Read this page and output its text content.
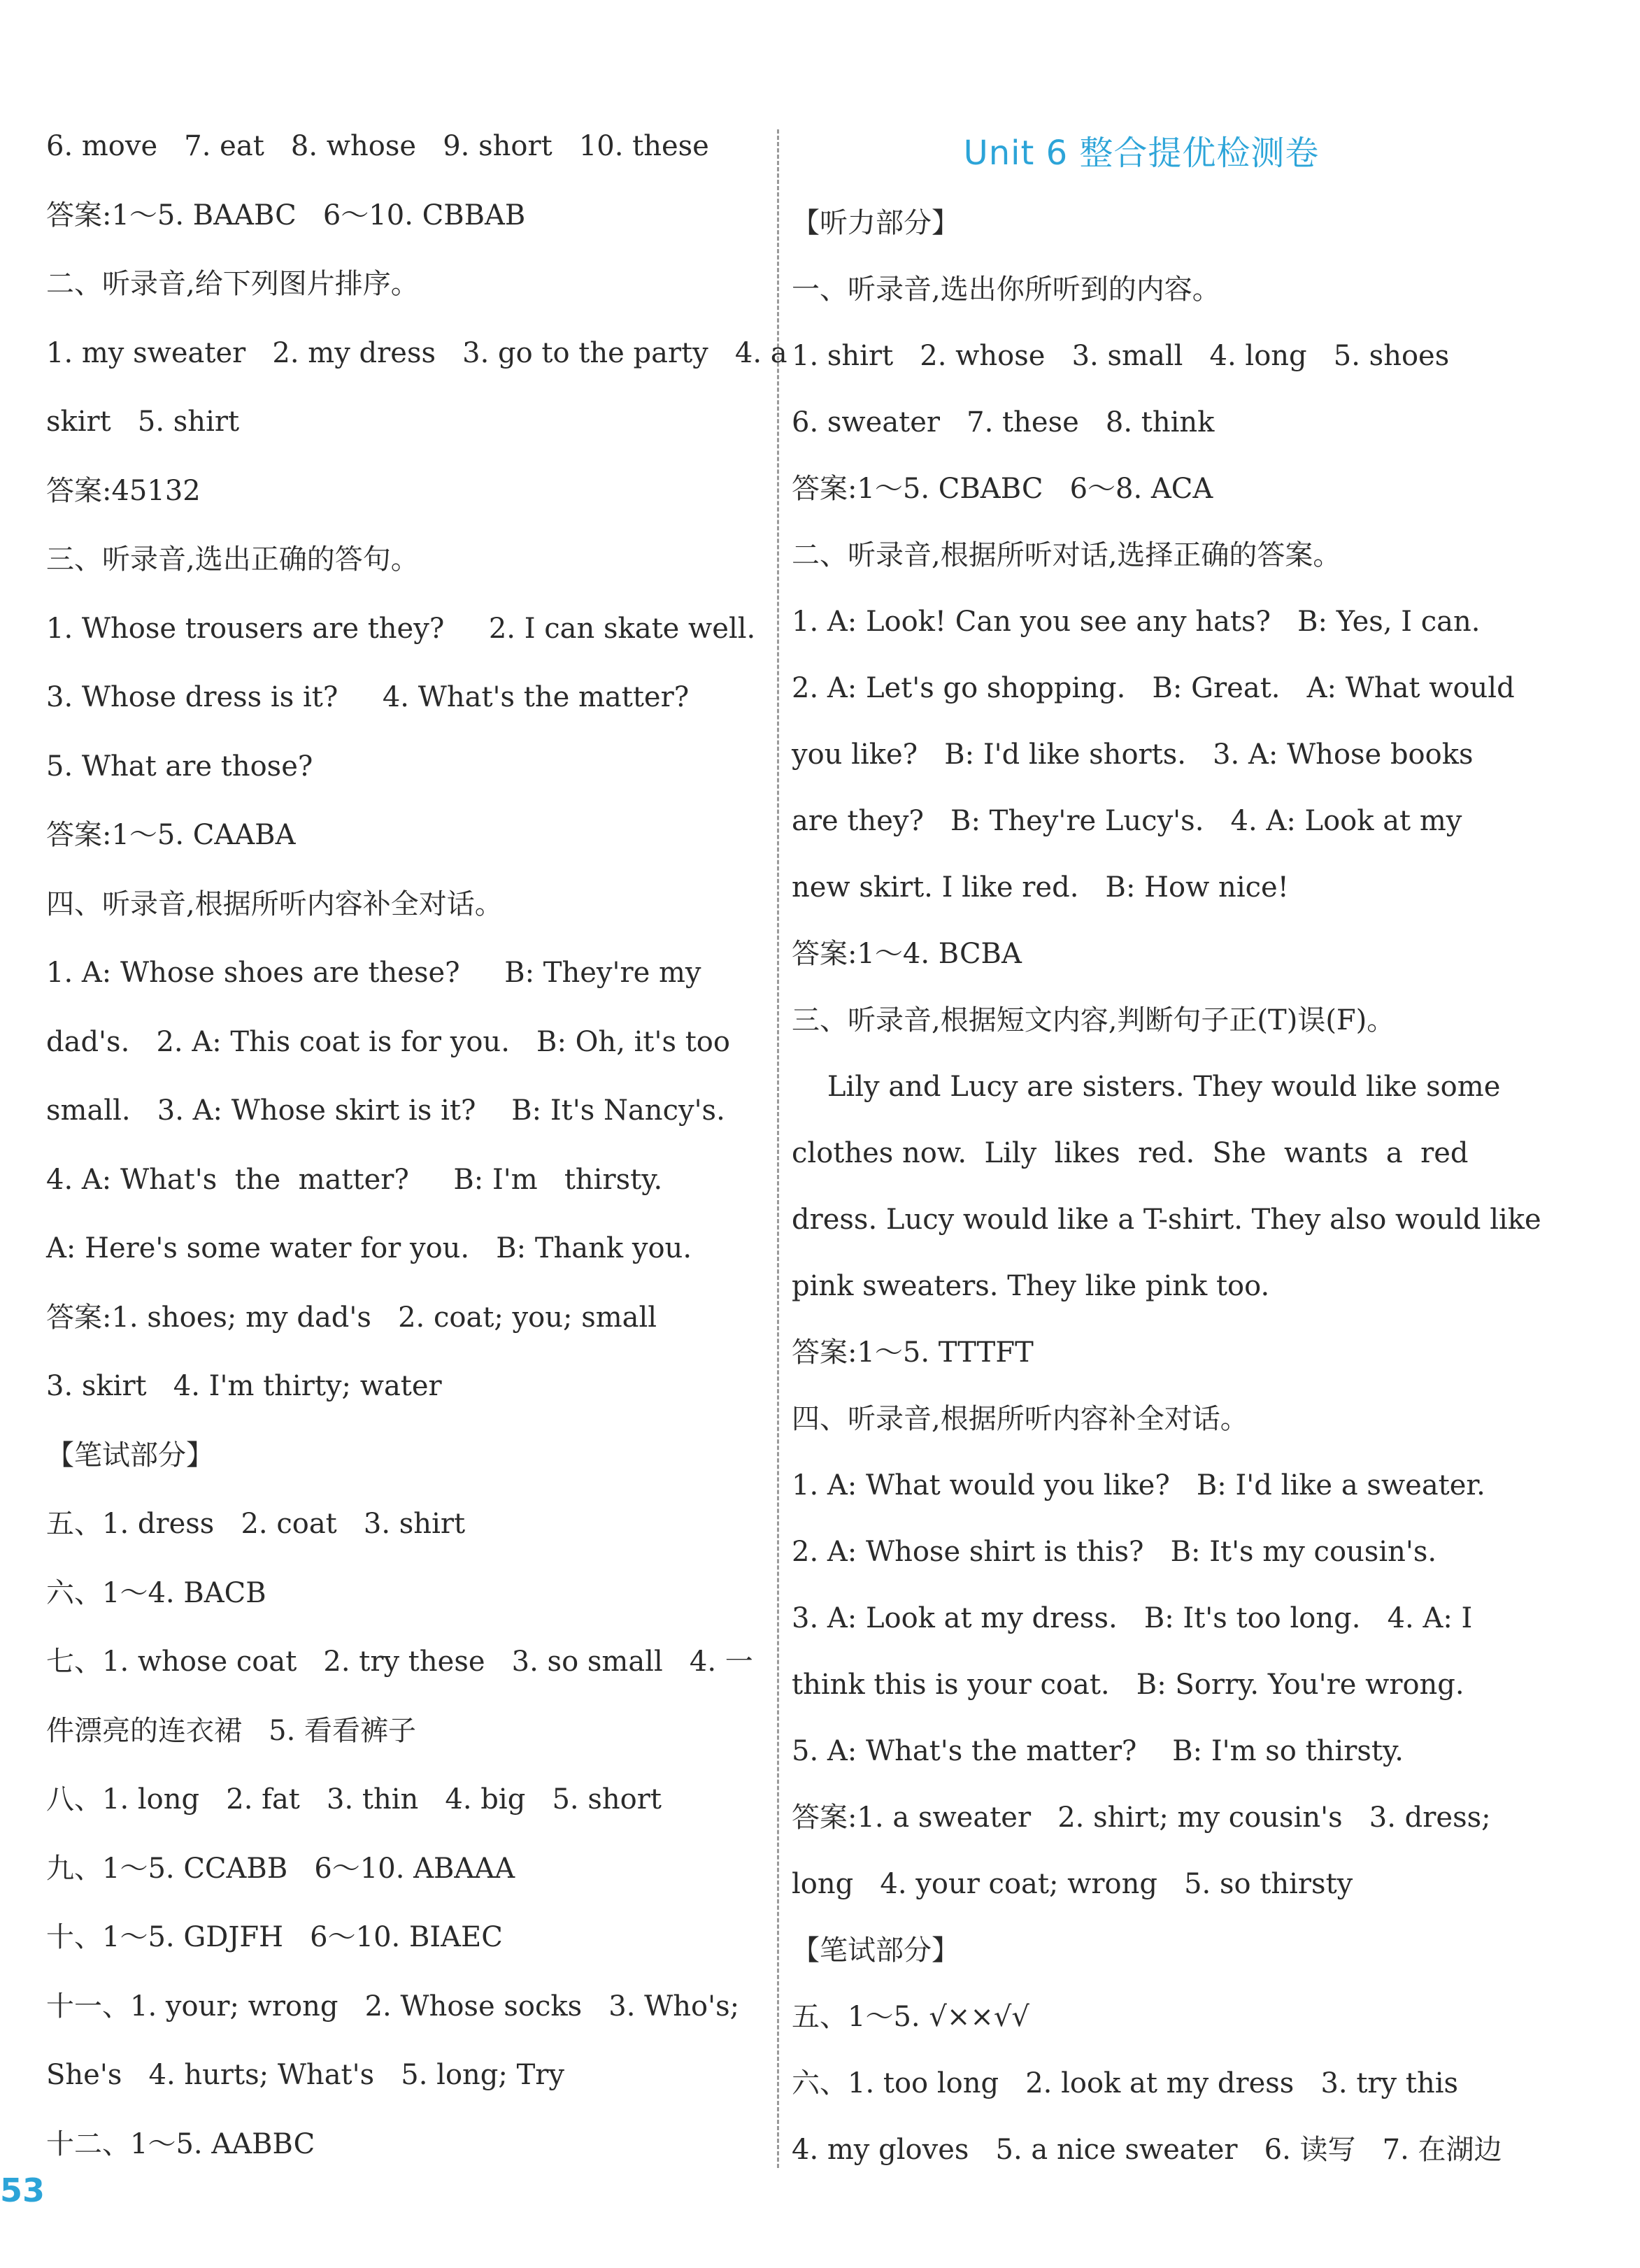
Unit 6 整合提优检测卷
6. move   7. eat   8. whose   9. short   10. these
答案:1～5. BAABC   6～10. CBBAB
二、听录音,给下列图片排序。
1. my sweater   2. my dress   3. go to the party   4. a
skirt   5. shirt
答案:45132
三、听录音,选出正确的答句。
1. Whose trousers are they?     2. I can skate well.
3. Whose dress is it?     4. What's the matter?
5. What are those?
答案:1～5. CAABA
四、听录音,根据所听内容补全对话。
1. A: Whose shoes are these?     B: They're my
dad's.   2. A: This coat is for you.   B: Oh, it's too
small.   3. A: Whose skirt is it?    B: It's Nancy's.
4. A: What's  the  matter?     B: I'm   thirsty.
A: Here's some water for you.   B: Thank you.
答案:1. shoes; my dad's   2. coat; you; small
3. skirt   4. I'm thirty; water
【笔试部分】
五、1. dress   2. coat   3. shirt
六、1～4. BACB
七、1. whose coat   2. try these   3. so small   4. 一
件漂亮的连衣裙   5. 看看裤子
八、1. long   2. fat   3. thin   4. big   5. short
九、1～5. CCABB   6～10. ABAAA
十、1～5. GDJFH   6～10. BIAEC
十一、1. your; wrong   2. Whose socks   3. Who's;
She's   4. hurts; What's   5. long; Try
十二、1～5. AABBC
【听力部分】
一、听录音,选出你所听到的内容。
1. shirt   2. whose   3. small   4. long   5. shoes
6. sweater   7. these   8. think
答案:1～5. CBABC   6～8. ACA
二、听录音,根据所听对话,选择正确的答案。
1. A: Look! Can you see any hats?   B: Yes, I can.
2. A: Let's go shopping.   B: Great.   A: What would
you like?   B: I'd like shorts.   3. A: Whose books
are they?   B: They're Lucy's.   4. A: Look at my
new skirt. I like red.   B: How nice!
答案:1～4. BCBA
三、听录音,根据短文内容,判断句子正(T)误(F)。
Lily and Lucy are sisters. They would like some
clothes now.  Lily  likes  red.  She  wants  a  red
dress. Lucy would like a T-shirt. They also would like
pink sweaters. They like pink too.
答案:1～5. TTTFT
四、听录音,根据所听内容补全对话。
1. A: What would you like?   B: I'd like a sweater.
2. A: Whose shirt is this?   B: It's my cousin's.
3. A: Look at my dress.   B: It's too long.   4. A: I
think this is your coat.   B: Sorry. You're wrong.
5. A: What's the matter?    B: I'm so thirsty.
答案:1. a sweater   2. shirt; my cousin's   3. dress;
long   4. your coat; wrong   5. so thirsty
【笔试部分】
五、1～5. √××√√
六、1. too long   2. look at my dress   3. try this
4. my gloves   5. a nice sweater   6. 读写   7. 在湖边
53
